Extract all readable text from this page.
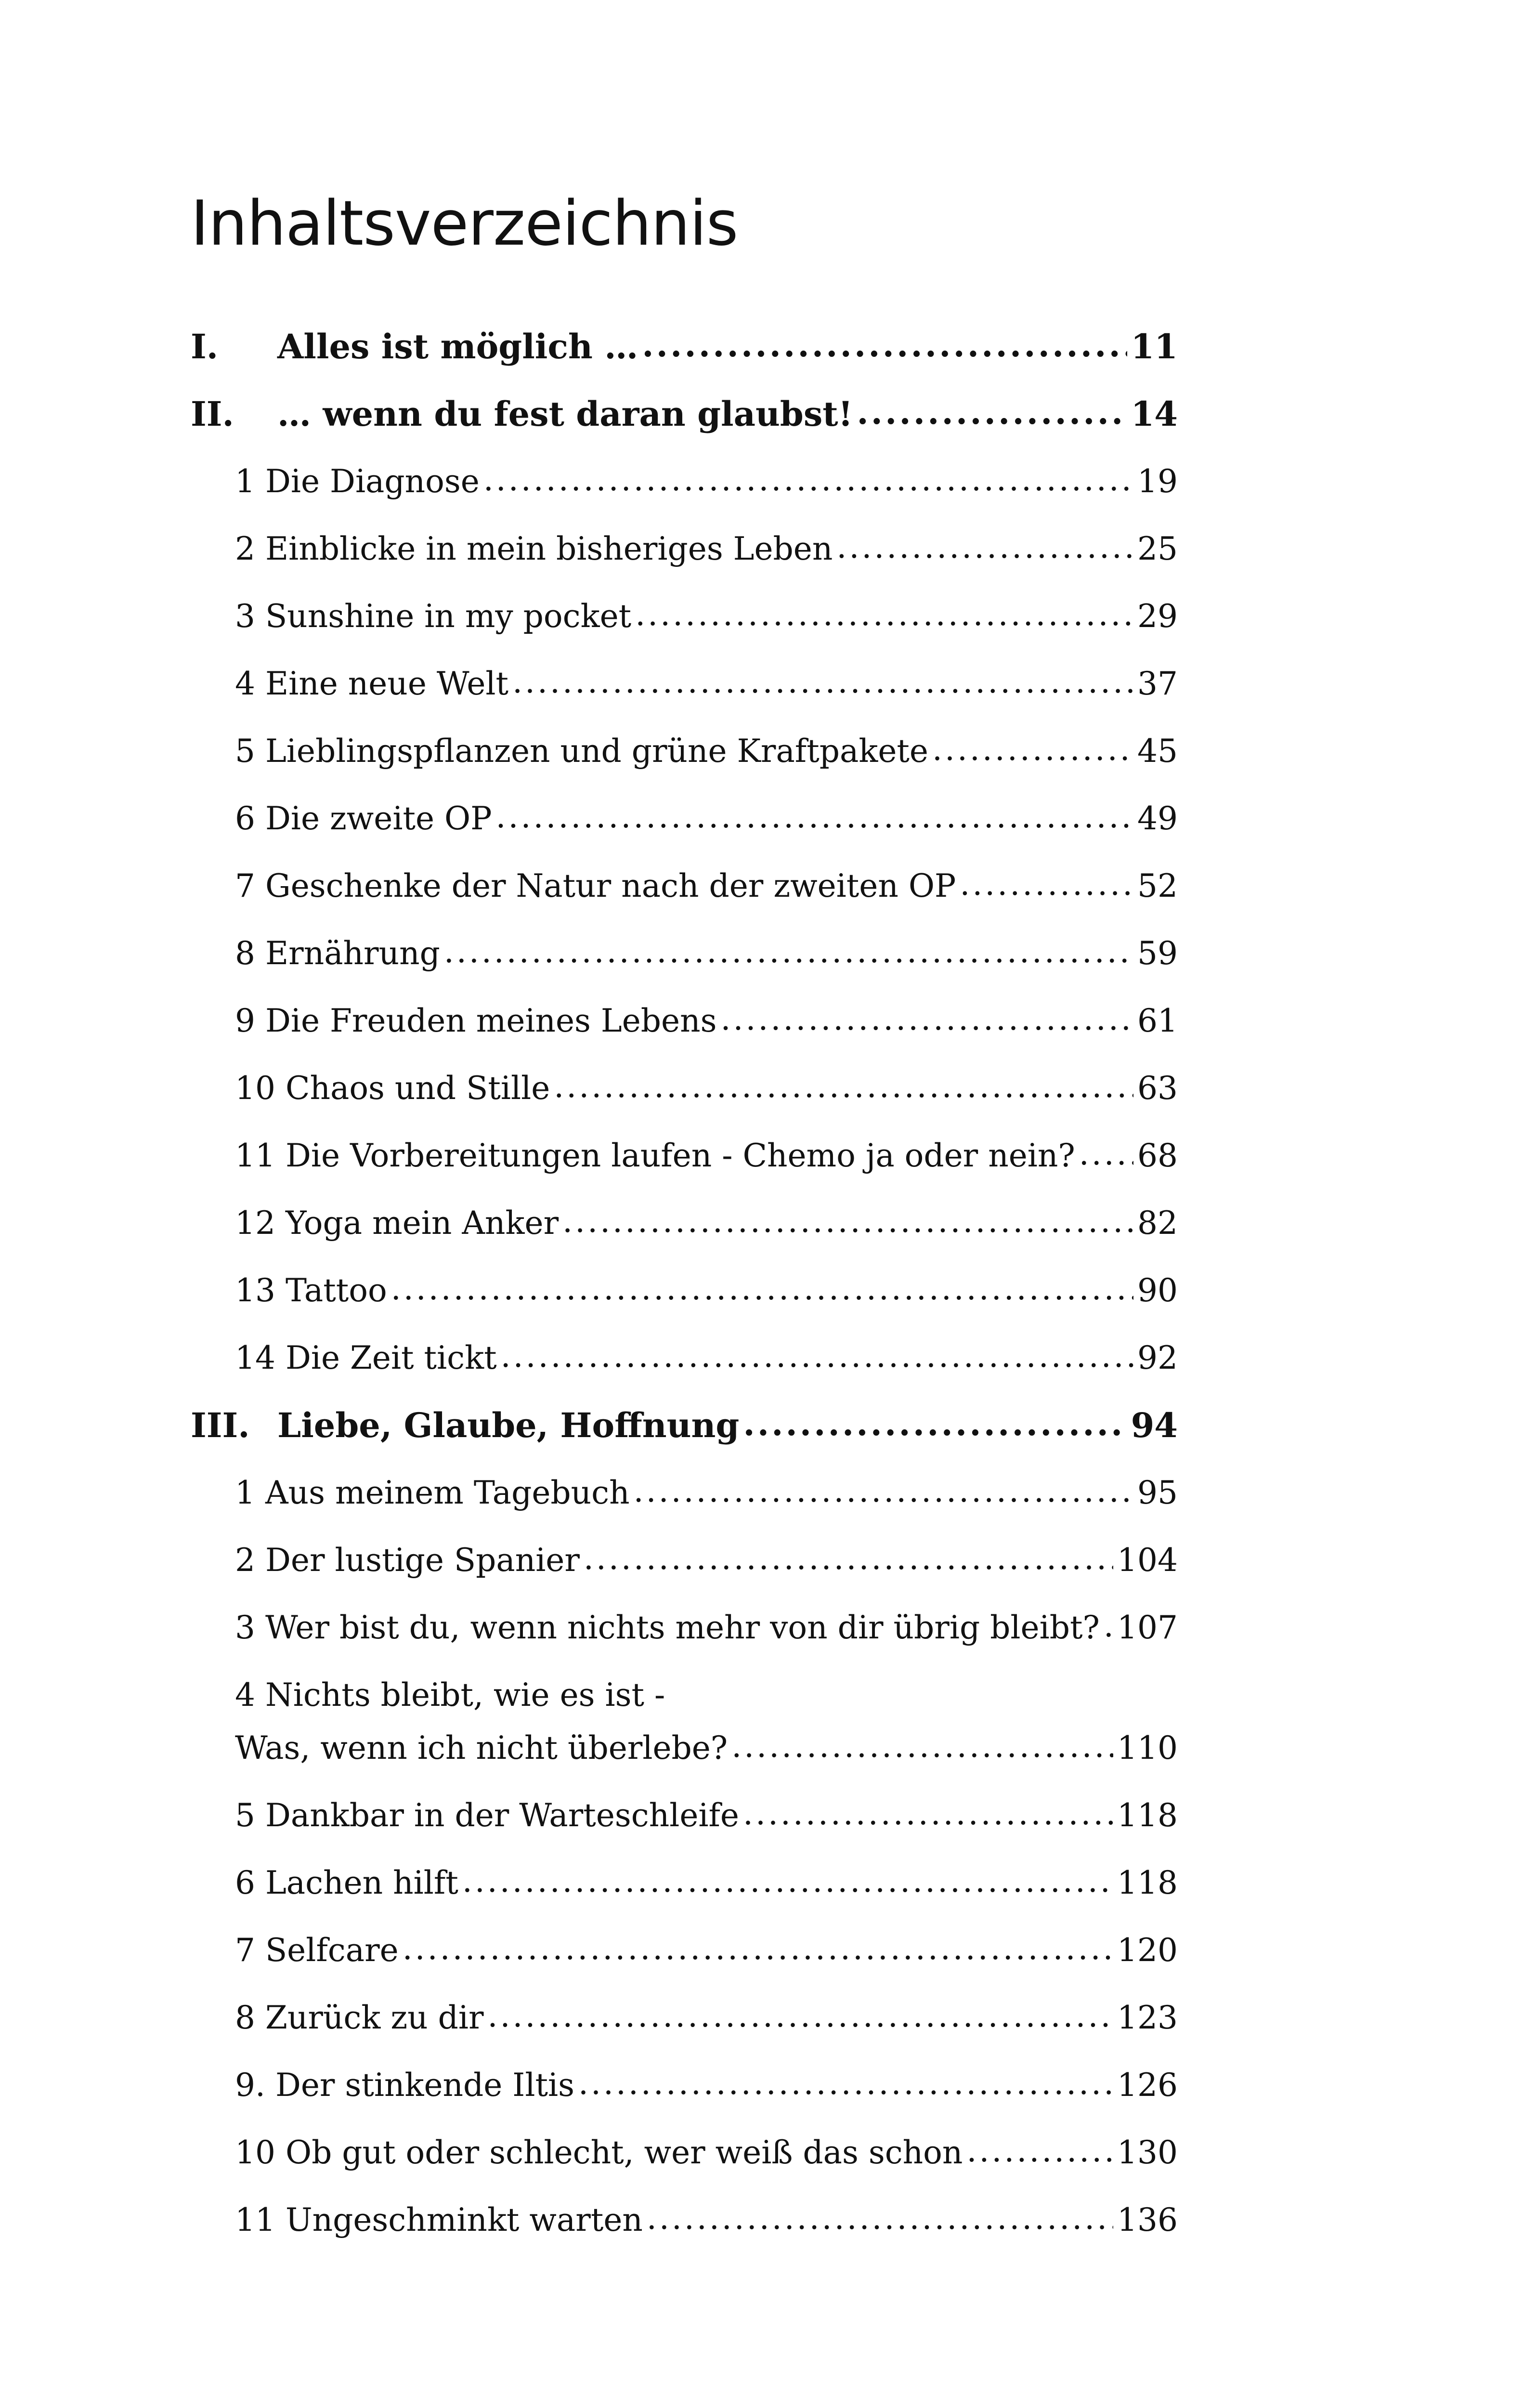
Inhaltsverzeichnis
I.	Alles ist möglich … .....	11
II.	… wenn du fest daran glaubst! .....	14
1 Die Diagnose .....	19
2 Einblicke in mein bisheriges Leben .....	25
3 Sunshine in my pocket .....	29
4 Eine neue Welt .....	37
5 Lieblingspflanzen und grüne Kraftpakete .....	45
6 Die zweite OP .....	49
7 Geschenke der Natur nach der zweiten OP .....	52
8 Ernährung .....	59
9 Die Freuden meines Lebens .....	61
10 Chaos und Stille .....	63
11 Die Vorbereitungen laufen - Chemo ja oder nein? ..... 68
12 Yoga mein Anker .....	82
13 Tattoo .....	90
14 Die Zeit tickt .....	92
III. Liebe, Glaube, Hoffnung .....	94
1 Aus meinem Tagebuch .....	95
2 Der lustige Spanier .....	104
3 Wer bist du, wenn nichts mehr von dir übrig bleibt? ..... 107
4 Nichts bleibt, wie es ist -
Was, wenn ich nicht überlebe? .....	110
5 Dankbar in der Warteschleife .....	118
6 Lachen hilft .....	118
7 Selfcare .....	120
8 Zurück zu dir .....	123
9. Der stinkende Iltis .....	126
10 Ob gut oder schlecht, wer weiß das schon .....	130
11 Ungeschminkt warten .....	136
